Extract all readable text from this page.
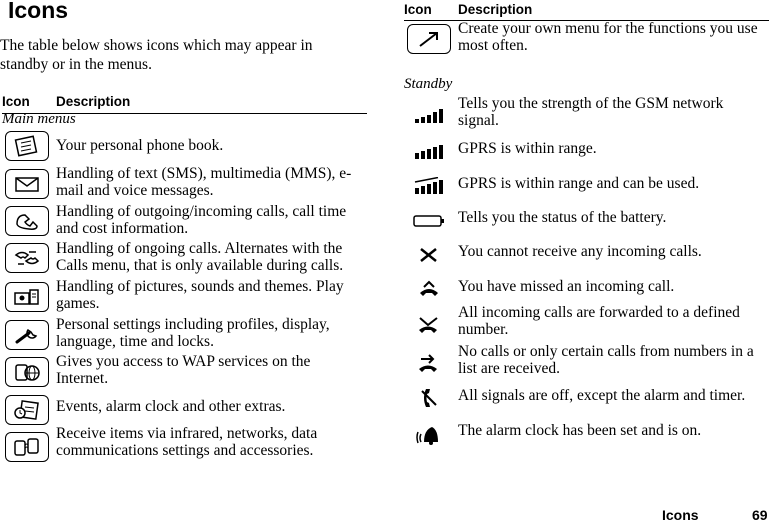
Icons
The table below shows icons which may appear in standby or in the menus.
Icon Description
Main menus
Your personal phone book.
Handling of text (SMS), multimedia (MMS), e-mail and voice messages.
Handling of outgoing/incoming calls, call time and cost information.
Handling of ongoing calls. Alternates with the Calls menu, that is only available during calls.
Handling of pictures, sounds and themes. Play games.
Personal settings including profiles, display, language, time and locks.
Gives you access to WAP services on the Internet.
Events, alarm clock and other extras.
Receive items via infrared, networks, data communications settings and accessories.
Icon Description
Create your own menu for the functions you use most often.
Standby
Tells you the strength of the GSM network signal.
GPRS is within range.
GPRS is within range and can be used.
Tells you the status of the battery.
You cannot receive any incoming calls.
You have missed an incoming call.
All incoming calls are forwarded to a defined number.
No calls or only certain calls from numbers in a list are received.
All signals are off, except the alarm and timer.
The alarm clock has been set and is on.
Icons	69
